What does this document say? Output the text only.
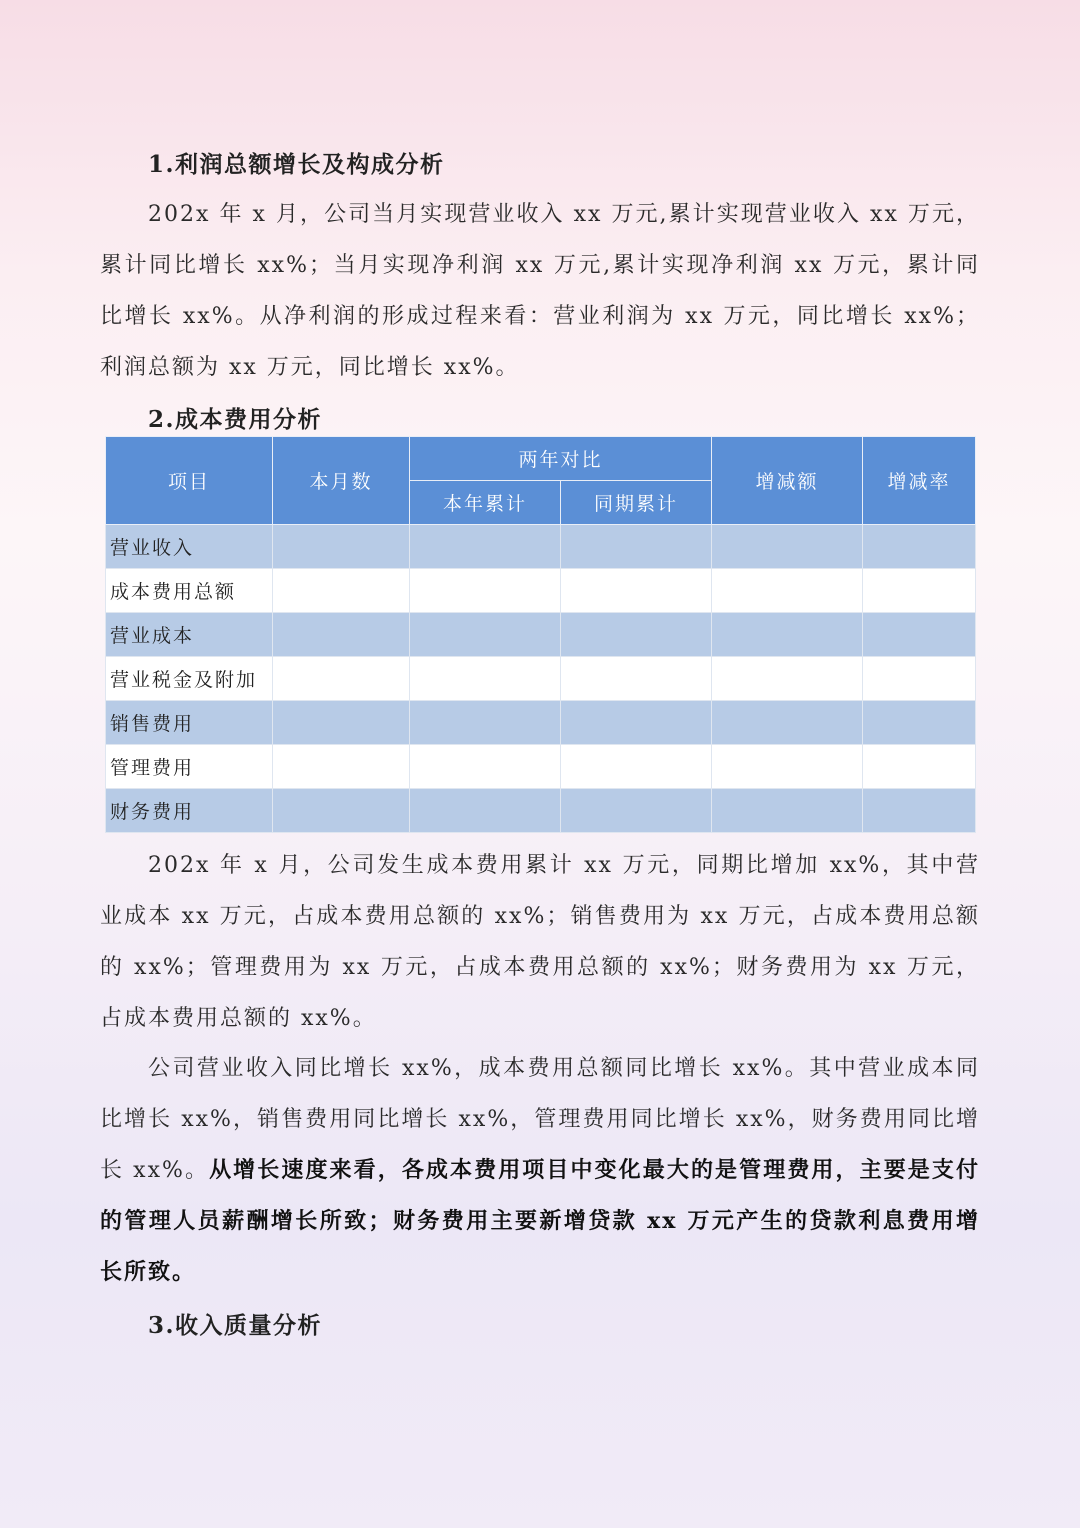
1.利润总额增长及构成分析

202x 年 x 月，公司当月实现营业收入 xx 万元,累计实现营业收入 xx 万元，累计同比增长 xx%；当月实现净利润 xx 万元,累计实现净利润 xx 万元，累计同比增长 xx%。从净利润的形成过程来看：营业利润为 xx 万元，同比增长 xx%；利润总额为 xx 万元，同比增长 xx%。

2.成本费用分析
项目	本月数	两年对比		增减额	增减率
		本年累计	同期累计		
营业收入					
成本费用总额					
营业成本					
营业税金及附加					
销售费用					
管理费用					
财务费用					

202x 年 x 月，公司发生成本费用累计 xx 万元，同期比增加 xx%，其中营业成本 xx 万元，占成本费用总额的 xx%；销售费用为 xx 万元，占成本费用总额的 xx%；管理费用为 xx 万元，占成本费用总额的 xx%；财务费用为 xx 万元，占成本费用总额的 xx%。

公司营业收入同比增长 xx%，成本费用总额同比增长 xx%。其中营业成本同比增长 xx%，销售费用同比增长 xx%，管理费用同比增长 xx%，财务费用同比增长 xx%。从增长速度来看，各成本费用项目中变化最大的是管理费用，主要是支付的管理人员薪酬增长所致；财务费用主要新增贷款 xx 万元产生的贷款利息费用增长所致。

3.收入质量分析
